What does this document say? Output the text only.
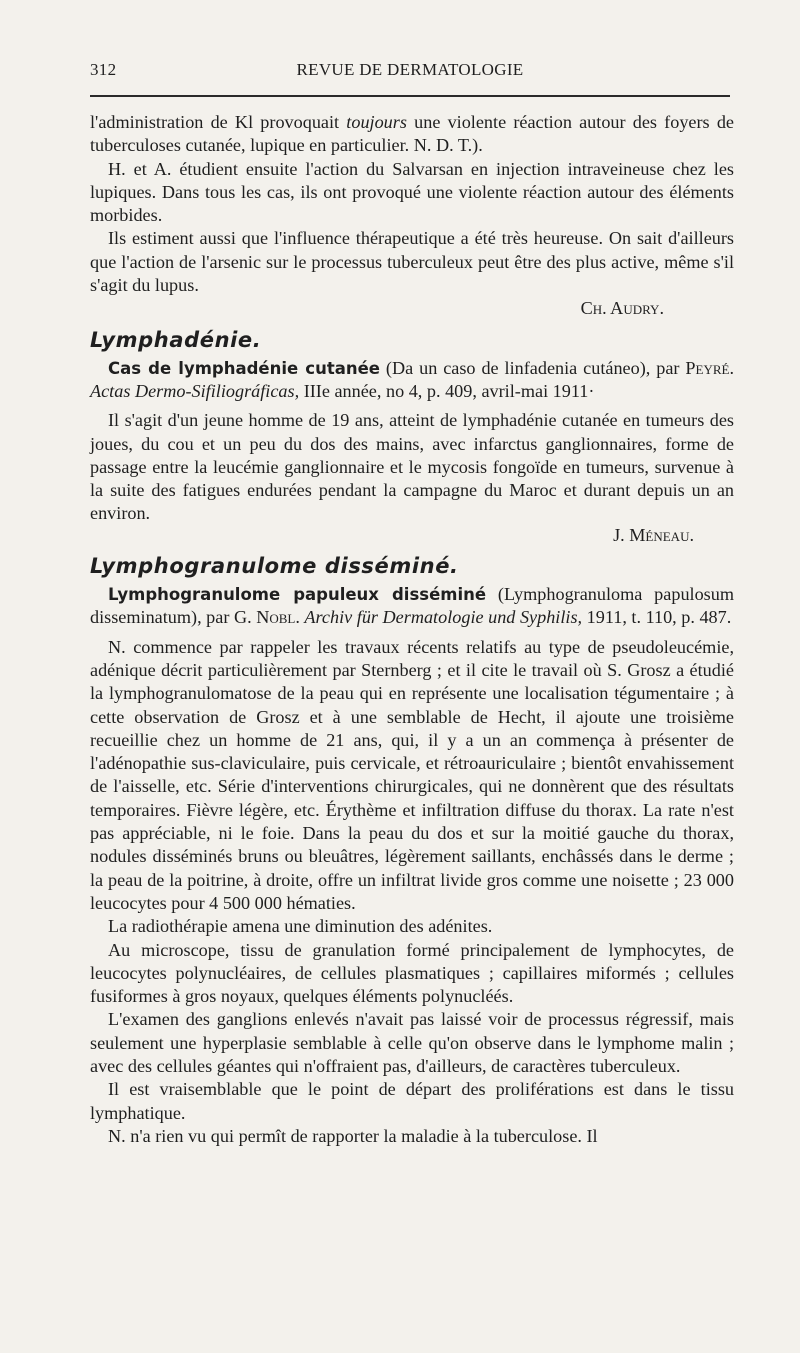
312	REVUE DE DERMATOLOGIE

l'administration de Kl provoquait toujours une violente réaction autour des foyers de tuberculoses cutanée, lupique en particulier. N. D. T.).

H. et A. étudient ensuite l'action du Salvarsan en injection intraveineuse chez les lupiques. Dans tous les cas, ils ont provoqué une violente réaction autour des éléments morbides.

Ils estiment aussi que l'influence thérapeutique a été très heureuse. On sait d'ailleurs que l'action de l'arsenic sur le processus tuberculeux peut être des plus active, même s'il s'agit du lupus.

Ch. Audry.

Lymphadénie.

Cas de lymphadénie cutanée (Da un caso de linfadenia cutáneo), par Peyré. Actas Dermo-Sifiliográficas, IIIe année, no 4, p. 409, avril-mai 1911·

Il s'agit d'un jeune homme de 19 ans, atteint de lymphadénie cutanée en tumeurs des joues, du cou et un peu du dos des mains, avec infarctus ganglionnaires, forme de passage entre la leucémie ganglionnaire et le mycosis fongoïde en tumeurs, survenue à la suite des fatigues endurées pendant la campagne du Maroc et durant depuis un an environ.

J. Méneau.

Lymphogranulome disséminé.

Lymphogranulome papuleux disséminé (Lymphogranuloma papulosum disseminatum), par G. Nobl. Archiv für Dermatologie und Syphilis, 1911, t. 110, p. 487.

N. commence par rappeler les travaux récents relatifs au type de pseudoleucémie, adénique décrit particulièrement par Sternberg ; et il cite le travail où S. Grosz a étudié la lymphogranulomatose de la peau qui en représente une localisation tégumentaire ; à cette observation de Grosz et à une semblable de Hecht, il ajoute une troisième recueillie chez un homme de 21 ans, qui, il y a un an commença à présenter de l'adénopathie sus-claviculaire, puis cervicale, et rétroauriculaire ; bientôt envahissement de l'aisselle, etc. Série d'interventions chirurgicales, qui ne donnèrent que des résultats temporaires. Fièvre légère, etc. Érythème et infiltration diffuse du thorax. La rate n'est pas appréciable, ni le foie. Dans la peau du dos et sur la moitié gauche du thorax, nodules disséminés bruns ou bleuâtres, légèrement saillants, enchâssés dans le derme ; la peau de la poitrine, à droite, offre un infiltrat livide gros comme une noisette ; 23 000 leucocytes pour 4 500 000 hématies.

La radiothérapie amena une diminution des adénites.

Au microscope, tissu de granulation formé principalement de lymphocytes, de leucocytes polynucléaires, de cellules plasmatiques ; capillaires miformés ; cellules fusiformes à gros noyaux, quelques éléments polynucléés.

L'examen des ganglions enlevés n'avait pas laissé voir de processus régressif, mais seulement une hyperplasie semblable à celle qu'on observe dans le lymphome malin ; avec des cellules géantes qui n'offraient pas, d'ailleurs, de caractères tuberculeux.

Il est vraisemblable que le point de départ des proliférations est dans le tissu lymphatique.

N. n'a rien vu qui permît de rapporter la maladie à la tuberculose. Il
